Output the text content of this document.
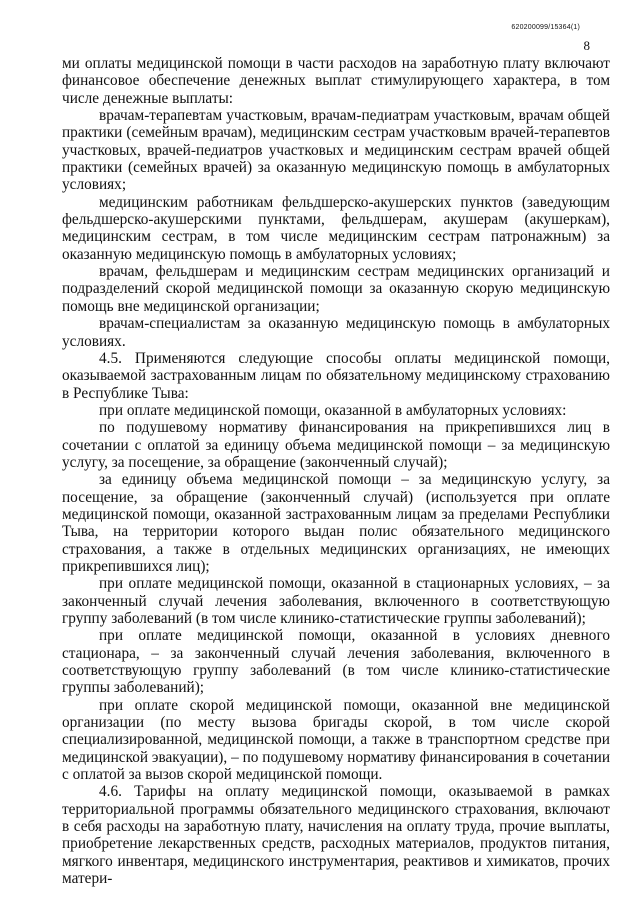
620200099/15364(1)
8

ми оплаты медицинской помощи в части расходов на заработную плату включают финансовое обеспечение денежных выплат стимулирующего характера, в том числе денежные выплаты:

врачам-терапевтам участковым, врачам-педиатрам участковым, врачам общей практики (семейным врачам), медицинским сестрам участковым врачей-терапевтов участковых, врачей-педиатров участковых и медицинским сестрам врачей общей практики (семейных врачей) за оказанную медицинскую помощь в амбулаторных условиях;

медицинским работникам фельдшерско-акушерских пунктов (заведующим фельдшерско-акушерскими пунктами, фельдшерам, акушерам (акушеркам), медицинским сестрам, в том числе медицинским сестрам патронажным) за оказанную медицинскую помощь в амбулаторных условиях;

врачам, фельдшерам и медицинским сестрам медицинских организаций и подразделений скорой медицинской помощи за оказанную скорую медицинскую помощь вне медицинской организации;

врачам-специалистам за оказанную медицинскую помощь в амбулаторных условиях.

4.5. Применяются следующие способы оплаты медицинской помощи, оказываемой застрахованным лицам по обязательному медицинскому страхованию в Республике Тыва:

при оплате медицинской помощи, оказанной в амбулаторных условиях:

по подушевому нормативу финансирования на прикрепившихся лиц в сочетании с оплатой за единицу объема медицинской помощи – за медицинскую услугу, за посещение, за обращение (законченный случай);

за единицу объема медицинской помощи – за медицинскую услугу, за посещение, за обращение (законченный случай) (используется при оплате медицинской помощи, оказанной застрахованным лицам за пределами Республики Тыва, на территории которого выдан полис обязательного медицинского страхования, а также в отдельных медицинских организациях, не имеющих прикрепившихся лиц);

при оплате медицинской помощи, оказанной в стационарных условиях, – за законченный случай лечения заболевания, включенного в соответствующую группу заболеваний (в том числе клинико-статистические группы заболеваний);

при оплате медицинской помощи, оказанной в условиях дневного стационара, – за законченный случай лечения заболевания, включенного в соответствующую группу заболеваний (в том числе клинико-статистические группы заболеваний);

при оплате скорой медицинской помощи, оказанной вне медицинской организации (по месту вызова бригады скорой, в том числе скорой специализированной, медицинской помощи, а также в транспортном средстве при медицинской эвакуации), – по подушевому нормативу финансирования в сочетании с оплатой за вызов скорой медицинской помощи.

4.6. Тарифы на оплату медицинской помощи, оказываемой в рамках территориальной программы обязательного медицинского страхования, включают в себя расходы на заработную плату, начисления на оплату труда, прочие выплаты, приобретение лекарственных средств, расходных материалов, продуктов питания, мягкого инвентаря, медицинского инструментария, реактивов и химикатов, прочих матери-
